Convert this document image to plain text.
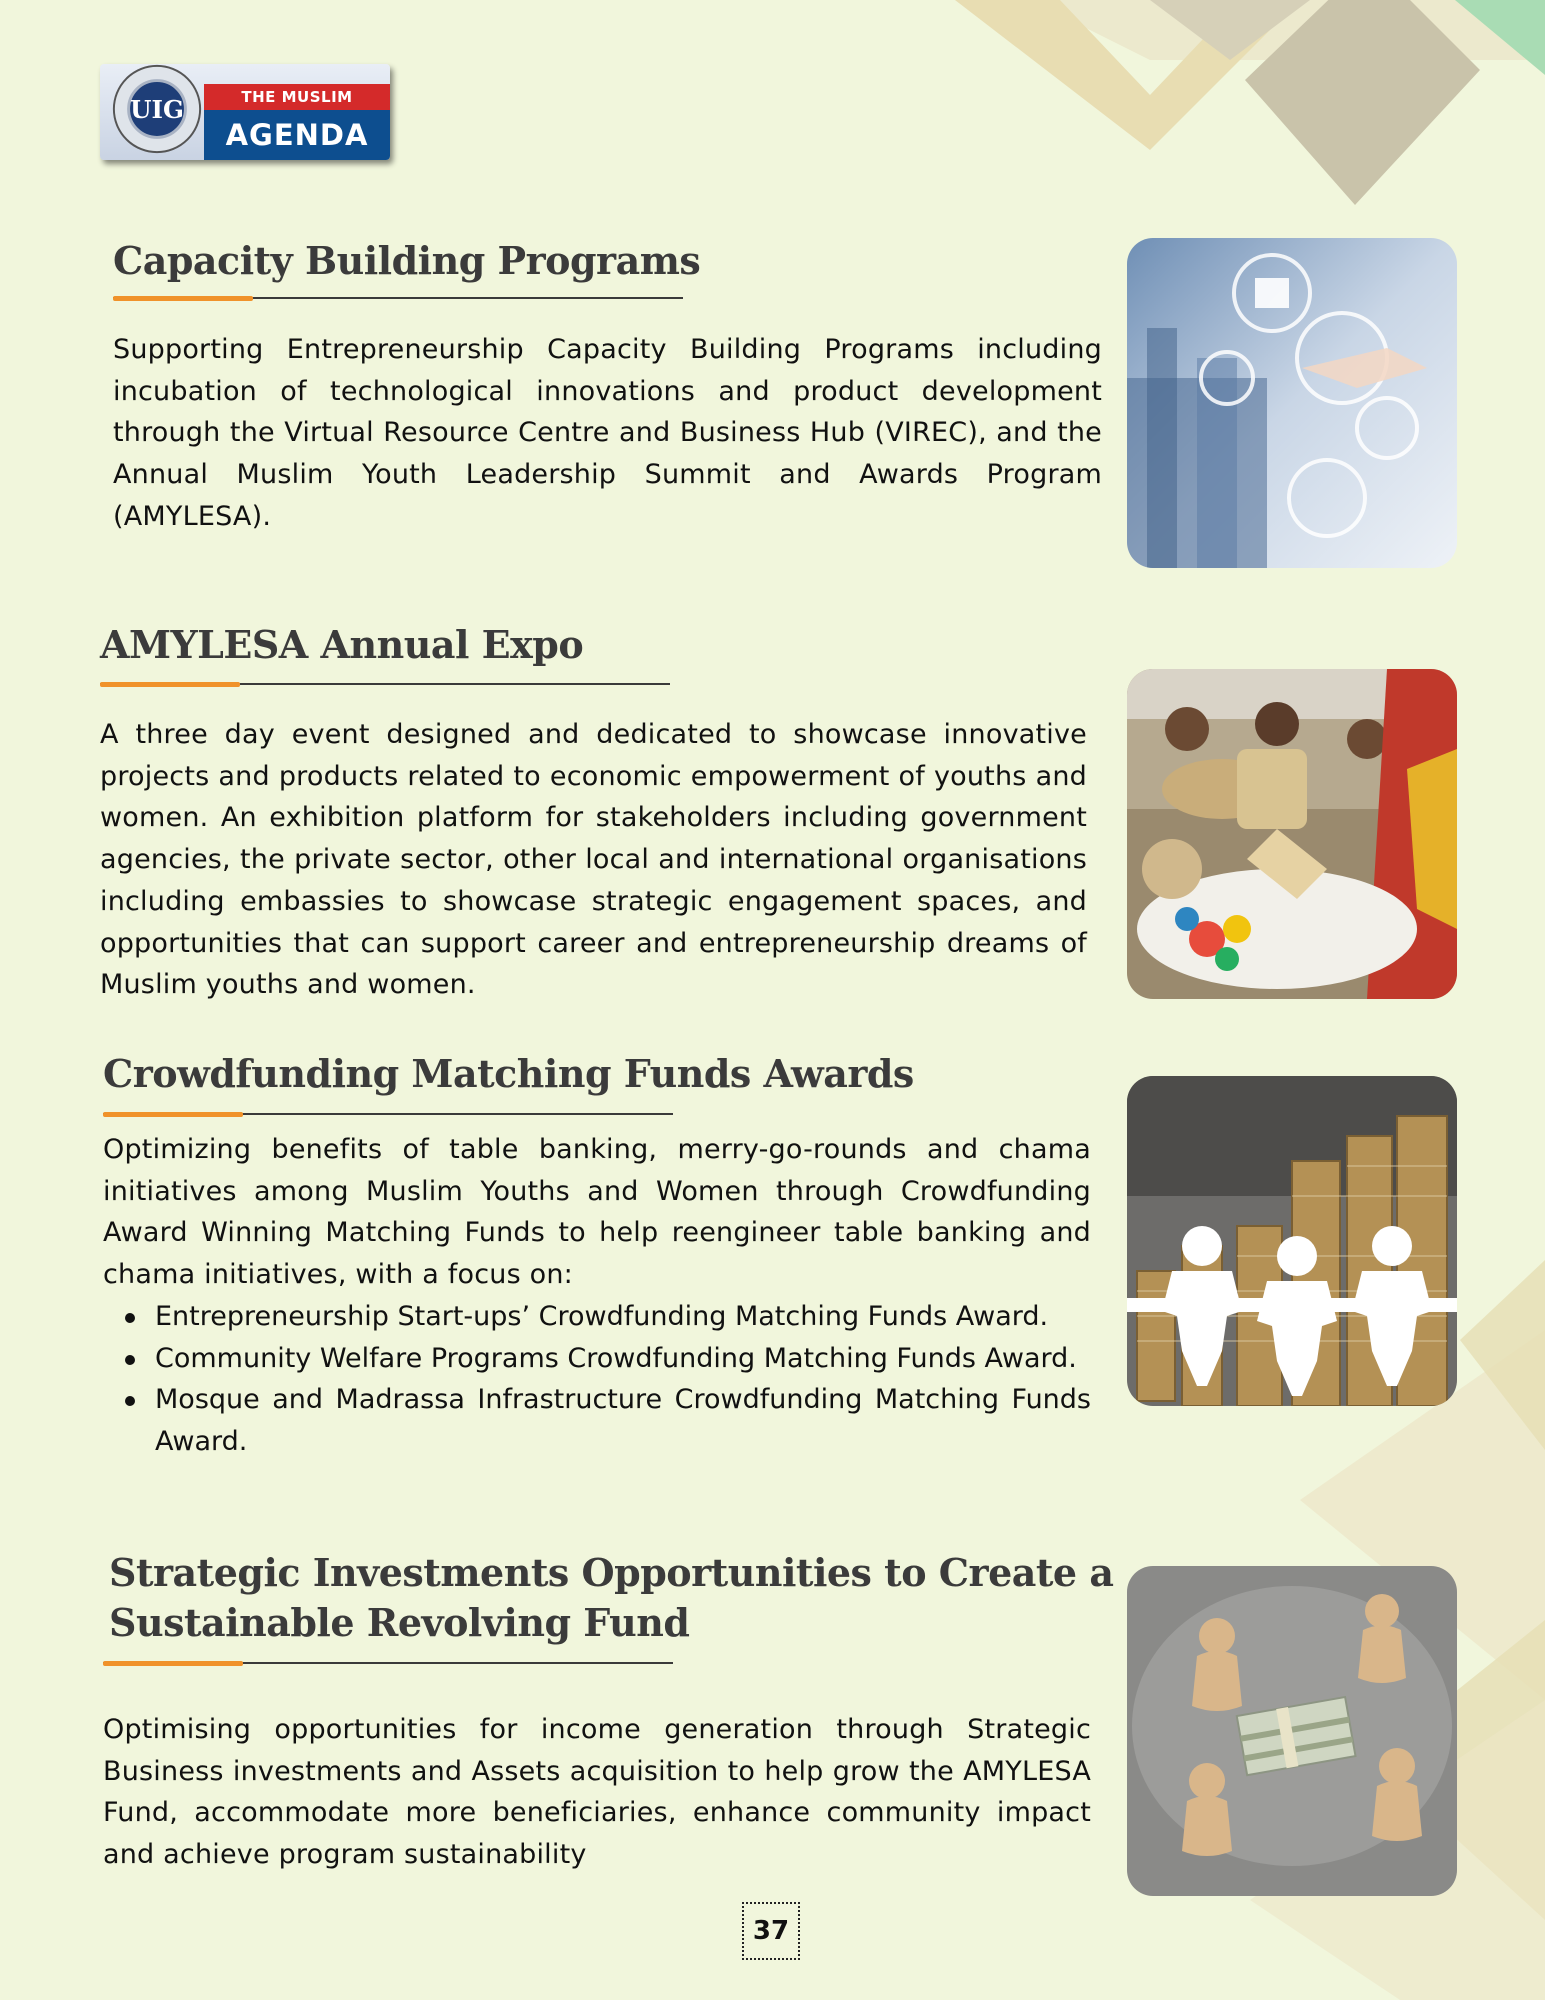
THE MUSLIM
AGENDA
UIG
Capacity Building Programs

Supporting Entrepreneurship Capacity Building Programs including incubation of technological innovations and product development through the Virtual Resource Centre and Business Hub (VIREC), and the Annual Muslim Youth Leadership Summit and Awards Program (AMYLESA).

AMYLESA Annual Expo

A three day event designed and dedicated to showcase innovative projects and products related to economic empowerment of youths and women. An exhibition platform for stakeholders including government agencies, the private sector, other local and international organisations including embassies to showcase strategic engagement spaces, and opportunities that can support career and entrepreneurship dreams of Muslim youths and women.

Crowdfunding Matching Funds Awards

Optimizing benefits of table banking, merry-go-rounds and chama initiatives among Muslim Youths and Women through Crowdfunding Award Winning Matching Funds to help reengineer table banking and chama initiatives, with a focus on:

Entrepreneurship Start-ups’ Crowdfunding Matching Funds Award.
Community Welfare Programs Crowdfunding Matching Funds Award.
Mosque and Madrassa Infrastructure Crowdfunding Matching Funds Award.
Strategic Investments Opportunities to Create a
Sustainable Revolving Fund

Optimising opportunities for income generation through Strategic Business investments and Assets acquisition to help grow the AMYLESA Fund, accommodate more beneficiaries, enhance community impact and achieve program sustainability

37
